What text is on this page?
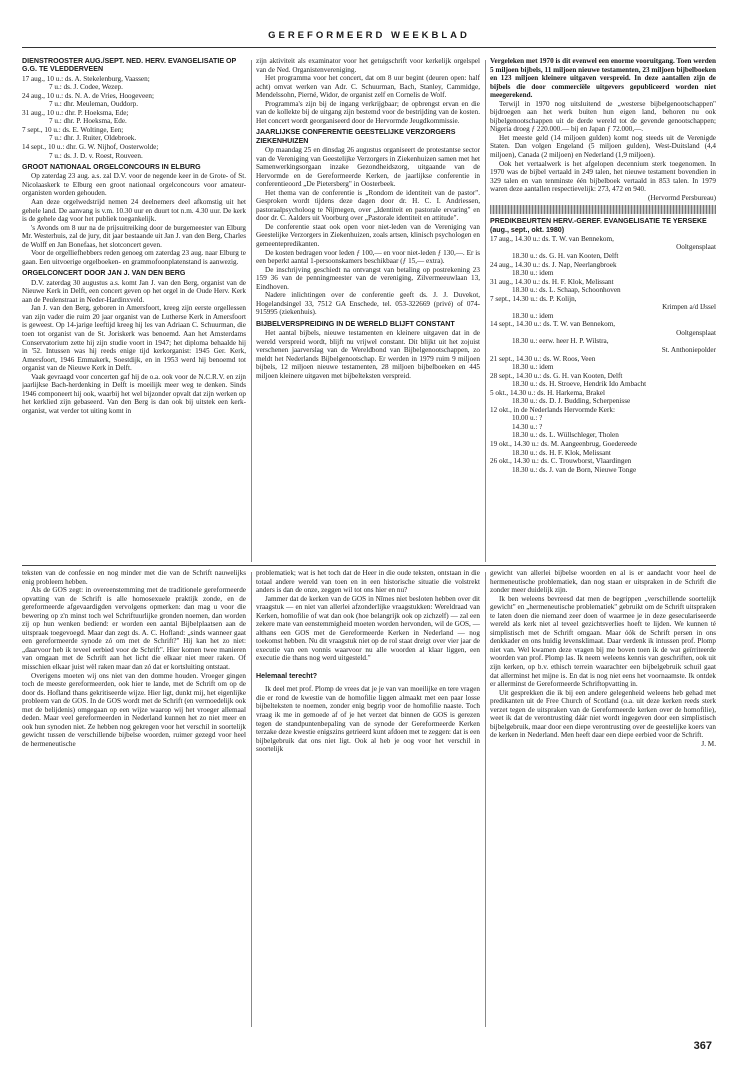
GEREFORMEERD WEEKBLAD
DIENSTROOSTER AUG./SEPT. NED. HERV. EVANGELISATIE OP G.G. TE VLEDDERVEEN
17 aug., 10 u.: ds. A. Stekelenburg, Vaassen;
7 u.: ds. J. Codee, Wezep.
24 aug., 10 u.: ds. N. A. de Vries, Hoogeveen;
7 u.: dhr. Meuleman, Ouddorp.
31 aug., 10 u.: dhr. P. Hoeksma, Ede;
7 u.: dhr. P. Hoeksma, Ede.
7 sept., 10 u.: ds. E. Woltinge, Een;
7 u.: dhr. J. Ruiter, Oldebroek.
14 sept., 10 u.: dhr. G. W. Nijhof, Oosterwolde;
7 u.: ds. J. D. v. Roest, Rouveen.
GROOT NATIONAAL ORGELCONCOURS IN ELBURG

Op zaterdag 23 aug. a.s. zal D.V. voor de negende keer in de Grote- of St. Nicolaaskerk te Elburg een groot nationaal orgelconcours voor amateur-organisten worden gehouden.

Aan deze orgelwedstrijd nemen 24 deelnemers deel afkomstig uit het gehele land. De aanvang is v.m. 10.30 uur en duurt tot n.m. 4.30 uur. De kerk is de gehele dag voor het publiek toegankelijk.

's Avonds om 8 uur na de prijsuitreiking door de burgemeester van Elburg Mr. Westerhuis, zal de jury, dit jaar bestaande uit Jan J. van den Berg, Charles de Wolff en Jan Bonefaas, het slotconcert geven.

Voor de orgelliefhebbers reden genoeg om zaterdag 23 aug. naar Elburg te gaan. Een uitvoerige orgelboeken- en grammofoonplatenstand is aanwezig.

ORGELCONCERT DOOR JAN J. VAN DEN BERG

D.V. zaterdag 30 augustus a.s. komt Jan J. van den Berg, organist van de Nieuwe Kerk in Delft, een concert geven op het orgel in de Oude Herv. Kerk aan de Peulenstraat in Neder-Hardinxveld.

Jan J. van den Berg, geboren in Amersfoort, kreeg zijn eerste orgellessen van zijn vader die ruim 20 jaar organist van de Lutherse Kerk in Amersfoort is geweest. Op 14-jarige leeftijd kreeg hij les van Adriaan C. Schuurman, die toen tot organist van de St. Joriskerk was benoemd. Aan het Amsterdams Conservatorium zette hij zijn studie voort in 1947; het diploma behaalde hij in '52. Intussen was hij reeds enige tijd kerkorganist: 1945 Ger. Kerk, Amersfoort, 1946 Emmakerk, Soestdijk, en in 1953 werd hij benoemd tot organist van de Nieuwe Kerk in Delft.

Vaak gevraagd voor concerten gaf hij de o.a. ook voor de N.C.R.V. en zijn jaarlijkse Bach-herdenking in Delft is moeilijk meer weg te denken. Sinds 1946 componeert hij ook, waarbij het wel bijzonder opvalt dat zijn werken op het kerklied zijn gebaseerd. Van den Berg is dan ook bij uitstek een kerk-organist, wat verder tot uiting komt in

zijn aktiviteit als examinator voor het getuigschrift voor kerkelijk orgelspel van de Ned. Organistenvereniging.

Het programma voor het concert, dat om 8 uur begint (deuren open: half acht) omvat werken van Adr. C. Schuurman, Bach, Stanley, Cammidge, Mendelssohn, Pierné, Widor, de organist zelf en Cornelis de Wolf.

Programma's zijn bij de ingang verkrijgbaar; de opbrengst ervan en die van de kollekte bij de uitgang zijn bestemd voor de bestrijding van de kosten. Het concert wordt georganiseerd door de Hervormde Jeugdkommissie.

JAARLIJKSE CONFERENTIE GEESTELIJKE VERZORGERS ZIEKENHUIZEN

Op maandag 25 en dinsdag 26 augustus organiseert de protestantse sector van de Vereniging van Geestelijke Verzorgers in Ziekenhuizen samen met het Samenwerkingsorgaan inzake Gezondheidszorg, uitgaande van de Hervormde en de Gereformeerde Kerken, de jaarlijkse conferentie in conferentieoord „De Pietersberg" in Oosterbeek.

Het thema van de conferentie is „Rondom de identiteit van de pastor". Gesproken wordt tijdens deze dagen door dr. H. C. I. Andriessen, pastoraalpsycholoog te Nijmegen, over „Identiteit en pastorale ervaring" en door dr. C. Aalders uit Voorburg over „Pastorale identiteit en attitude".

De conferentie staat ook open voor niet-leden van de Vereniging van Geestelijke Verzorgers in Ziekenhuizen, zoals artsen, klinisch psychologen en gemeentepredikanten.

De kosten bedragen voor leden ƒ 100,— en voor niet-leden ƒ 130,—. Er is een beperkt aantal 1-persoonskamers beschikbaar (ƒ 15,— extra).

De inschrijving geschiedt na ontvangst van betaling op postrekening 23 159 36 van de penningmeester van de vereniging, Zilvermeeuwlaan 13, Eindhoven.

Nadere inlichtingen over de conferentie geeft ds. J. J. Duvekot, Hogelandsingel 33, 7512 GA Enschede, tel. 053-322669 (privé) of 074-915995 (ziekenhuis).

BIJBELVERSPREIDING IN DE WERELD BLIJFT CONSTANT

Het aantal bijbels, nieuwe testamenten en kleinere uitgaven dat in de wereld verspreid wordt, blijft nu vrijwel constant. Dit blijkt uit het zojuist verschenen jaarverslag van de Wereldbond van Bijbelgenootschappen, zo meldt het Nederlands Bijbelgenootschap. Er werden in 1979 ruim 9 miljoen bijbels, 12 miljoen nieuwe testamenten, 28 miljoen bijbelboeken en 445 miljoen kleinere uitgaven met bijbelteksten verspreid.

Vergeleken met 1970 is dit evenwel een enorme vooruitgang. Toen werden 5 miljoen bijbels, 11 miljoen nieuwe testamenten, 23 miljoen bijbelboeken en 123 miljoen kleinere uitgaven verspreid. In deze aantallen zijn de bijbels die door commerciële uitgevers gepubliceerd worden niet meegerekend.

Terwijl in 1970 nog uitsluitend de „westerse bijbelgenootschappen" bijdroegen aan het werk buiten hun eigen land, behoren nu ook bijbelgenootschappen uit de derde wereld tot de gevende genootschappen; Nigeria droeg ƒ 220.000.— bij en Japan ƒ 72.000,—.

Het meeste geld (14 miljoen gulden) komt nog steeds uit de Verenigde Staten. Dan volgen Engeland (5 miljoen gulden), West-Duitsland (4,4 miljoen), Canada (2 miljoen) en Nederland (1,9 miljoen).

Ook het vertaalwerk is het afgelopen decennium sterk toegenomen. In 1970 was de bijbel vertaald in 249 talen, het nieuwe testament bovendien in 329 talen en van tenminste één bijbelboek vertaald in 853 talen. In 1979 waren deze aantallen respectievelijk: 273, 472 en 940.

(Hervormd Persbureau)
PREDIKBEURTEN HERV.-GEREF. EVANGELISATIE TE YERSEKE (aug., sept., okt. 1980)
17 aug., 14.30 u.: ds. T. W. van Bennekom,
Ooltgensplaat
18.30 u.: ds. G. H. van Kooten, Delft
24 aug., 14.30 u.: ds. J. Nap, Neerlangbroek
18.30 u.: idem
31 aug., 14.30 u.: ds. H. F. Klok, Melissant
18.30 u.: ds. L. Schaap, Schoonhoven
7 sept., 14.30 u.: ds. P. Kolijn,
Krimpen a/d IJssel
18.30 u.: idem
14 sept., 14.30 u.: ds. T. W. van Bennekom,
Ooltgensplaat
18.30 u.: eerw. heer H. P. Wilstra,
St. Anthoniepolder
21 sept., 14.30 u.: ds. W. Roos, Veen
18.30 u.: idem
28 sept., 14.30 u.: ds. G. H. van Kooten, Delft
18.30 u.: ds. H. Stroeve, Hendrik Ido Ambacht
5 okt., 14.30 u.: ds. H. Harkema, Brakel
18.30 u.: ds. D. J. Budding, Scherpenisse
12 okt., in de Nederlands Hervormde Kerk:
10.00 u.: ?
14.30 u.: ?
18.30 u.: ds. L. Wüllschleger, Tholen
19 okt., 14.30 u.: ds. M. Aangeenbrug, Goedereede
18.30 u.: ds. H. F. Klok, Melissant
26 okt., 14.30 u.: ds. C. Trouwborst, Vlaardingen
18.30 u.: ds. J. van de Born, Nieuwe Tonge

teksten van de confessie en nog minder met die van de Schrift nauwelijks enig probleem hebben.

Als de GOS zegt: in overeenstemming met de traditionele gereformeerde opvatting van de Schrift is alle homosexuele praktijk zonde, en de gereformeerde afgevaardigden vervolgens opmerken: dan mag u voor die bewering op z'n minst toch wel Schriftuurlijke gronden noemen, dan worden zij op hun wenken bediend: er worden een aantal Bijbelplaatsen aan de uitspraak toegevoegd. Maar dan zegt ds. A. C. Hofland: „sinds wanneer gaat een gereformeerde synode zó om met de Schrift?" Hij kan het zo niet: „daarvoor heb ik teveel eerbied voor de Schrift". Hier komen twee manieren van omgaan met de Schrift aan het licht die elkaar niet meer raken. Of misschien elkaar juist wèl raken maar dan zó dat er kortsluiting ontstaat.

Overigens moeten wij ons niet van den domme houden. Vroeger gingen toch de meeste gereformeerden, ook hier te lande, met de Schrift om op de door ds. Hofland thans gekritiseerde wijze. Hier ligt, dunkt mij, het eigenlijke probleem van de GOS. In de GOS wordt met de Schrift (en vermoedelijk ook met de belijdenis) omgegaan op een wijze waarop wij het vroeger allemaal deden. Maar veel gereformeerden in Nederland kunnen het zo niet meer en ook hun synoden niet. Ze hebben nog gekregen voor het verschil in soortelijk gewicht tussen de verschillende bijbelse woorden, ruimer gezegd voor heel de hermeneutische

problematiek; wat is het toch dat de Heer in die oude teksten, ontstaan in die totaal andere wereld van toen en in een historische situatie die volstrekt anders is dan de onze, zeggen wil tot ons hier en nu?

Jammer dat de kerken van de GOS in Nîmes niet besloten hebben over dit vraagstuk — en niet van allerlei afzonderlijke vraagstukken: Wereldraad van Kerken, homofilie of wat dan ook (hoe belangrijk ook op zichzelf) — zal een zekere mate van eenstemmigheid moeten worden hervonden, wil de GOS, — althans een GOS met de Gereformeerde Kerken in Nederland — nog toekomst hebben. Nu dit vraagstuk niet op de rol staat dreigt over vier jaar de executie van een vonnis waarvoor nu alle woorden al klaar liggen, een executie die thans nog werd uitgesteld."

Helemaal terecht?

Ik deel met prof. Plomp de vrees dat je je van van moeilijke en tere vragen die er rond de kwestie van de homofilie liggen almaakt met een paar losse bijbelteksten te noemen, zonder enig begrip voor de homofilie naaste. Toch vraag ik me in gemoede af of je het verzet dat binnen de GOS is gerezen tegen de standpuntenbepaling van de synode der Gereformeerde Kerken terzake deze kwestie enigszins getrieerd kunt afdoen met te zeggen: dat is een bijbelgebruik dat ons niet ligt. Ook al heb je oog voor het verschil in soortelijk

gewicht van allerlei bijbelse woorden en al is er aandacht voor heel de hermeneutische problematiek, dan nog staan er uitspraken in de Schrift die zonder meer duidelijk zijn.

Ik ben weleens bevreesd dat men de begrippen „verschillende soortelijk gewicht" en „hermeneutische problematiek" gebruikt om de Schrift uitspraken te laten doen die niemand zeer doen of waarmee je in deze geseculariseerde wereld als kerk niet al teveel gezichtsverlies hoeft te lijden. We kunnen té simplistisch met de Schrift omgaan. Maar óók de Schrift persen in ons denkkader en ons huidig levensklimaat. Daar verdenk ik intussen prof. Plomp niet van. Wel kwamen deze vragen bij me boven toen ik de wat geïrriteerde woorden van prof. Plomp las. Ik neem weleens kennis van geschriften, ook uit zijn kerken, op b.v. ethisch terrein waarachter een bijbelgebruik schuil gaat dat allerminst het mijne is. En dat is nog niet eens het voornaamste. Ik ontdek er allerminst de Gereformeerde Schriftopvatting in.

Uit gesprekken die ik bij een andere gelegenheid weleens heb gehad met predikanten uit de Free Church of Scotland (o.a. uit deze kerken reeds sterk verzet tegen de uitspraken van de Gereformeerde kerken over de homofilie), weet ik dat de verontrusting dáár niet wordt ingegeven door een simplistisch bijbelgebruik, maar door een diepe verontrusting over de geestelijke koers van de kerken in Nederland. Men heeft daar een diepe eerbied voor de Schrift.

J. M.
367
